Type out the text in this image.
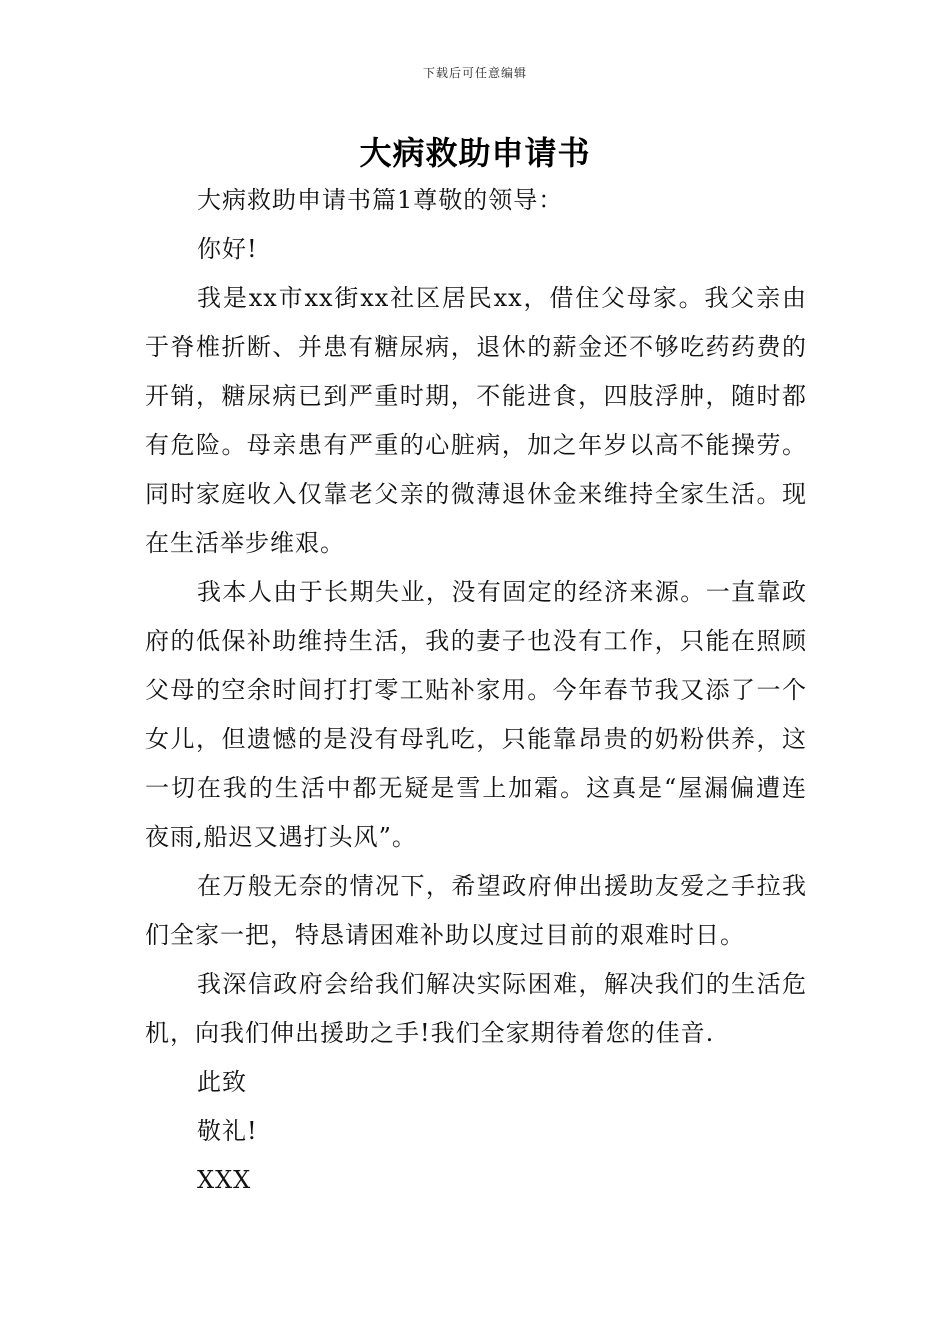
下载后可任意编辑
大病救助申请书

大病救助申请书篇1尊敬的领导：

你好!

我是xx市xx街xx社区居民xx，借住父母家。我父亲由于脊椎折断、并患有糖尿病，退休的薪金还不够吃药药费的开销，糖尿病已到严重时期，不能进食，四肢浮肿，随时都有危险。母亲患有严重的心脏病，加之年岁以高不能操劳。同时家庭收入仅靠老父亲的微薄退休金来维持全家生活。现在生活举步维艰。

我本人由于长期失业，没有固定的经济来源。一直靠政府的低保补助维持生活，我的妻子也没有工作，只能在照顾父母的空余时间打打零工贴补家用。今年春节我又添了一个女儿，但遗憾的是没有母乳吃，只能靠昂贵的奶粉供养，这一切在我的生活中都无疑是雪上加霜。这真是“屋漏偏遭连夜雨,船迟又遇打头风”。

在万般无奈的情况下，希望政府伸出援助友爱之手拉我们全家一把，特恳请困难补助以度过目前的艰难时日。

我深信政府会给我们解决实际困难，解决我们的生活危机，向我们伸出援助之手!我们全家期待着您的佳音.

此致

敬礼!

XXX
